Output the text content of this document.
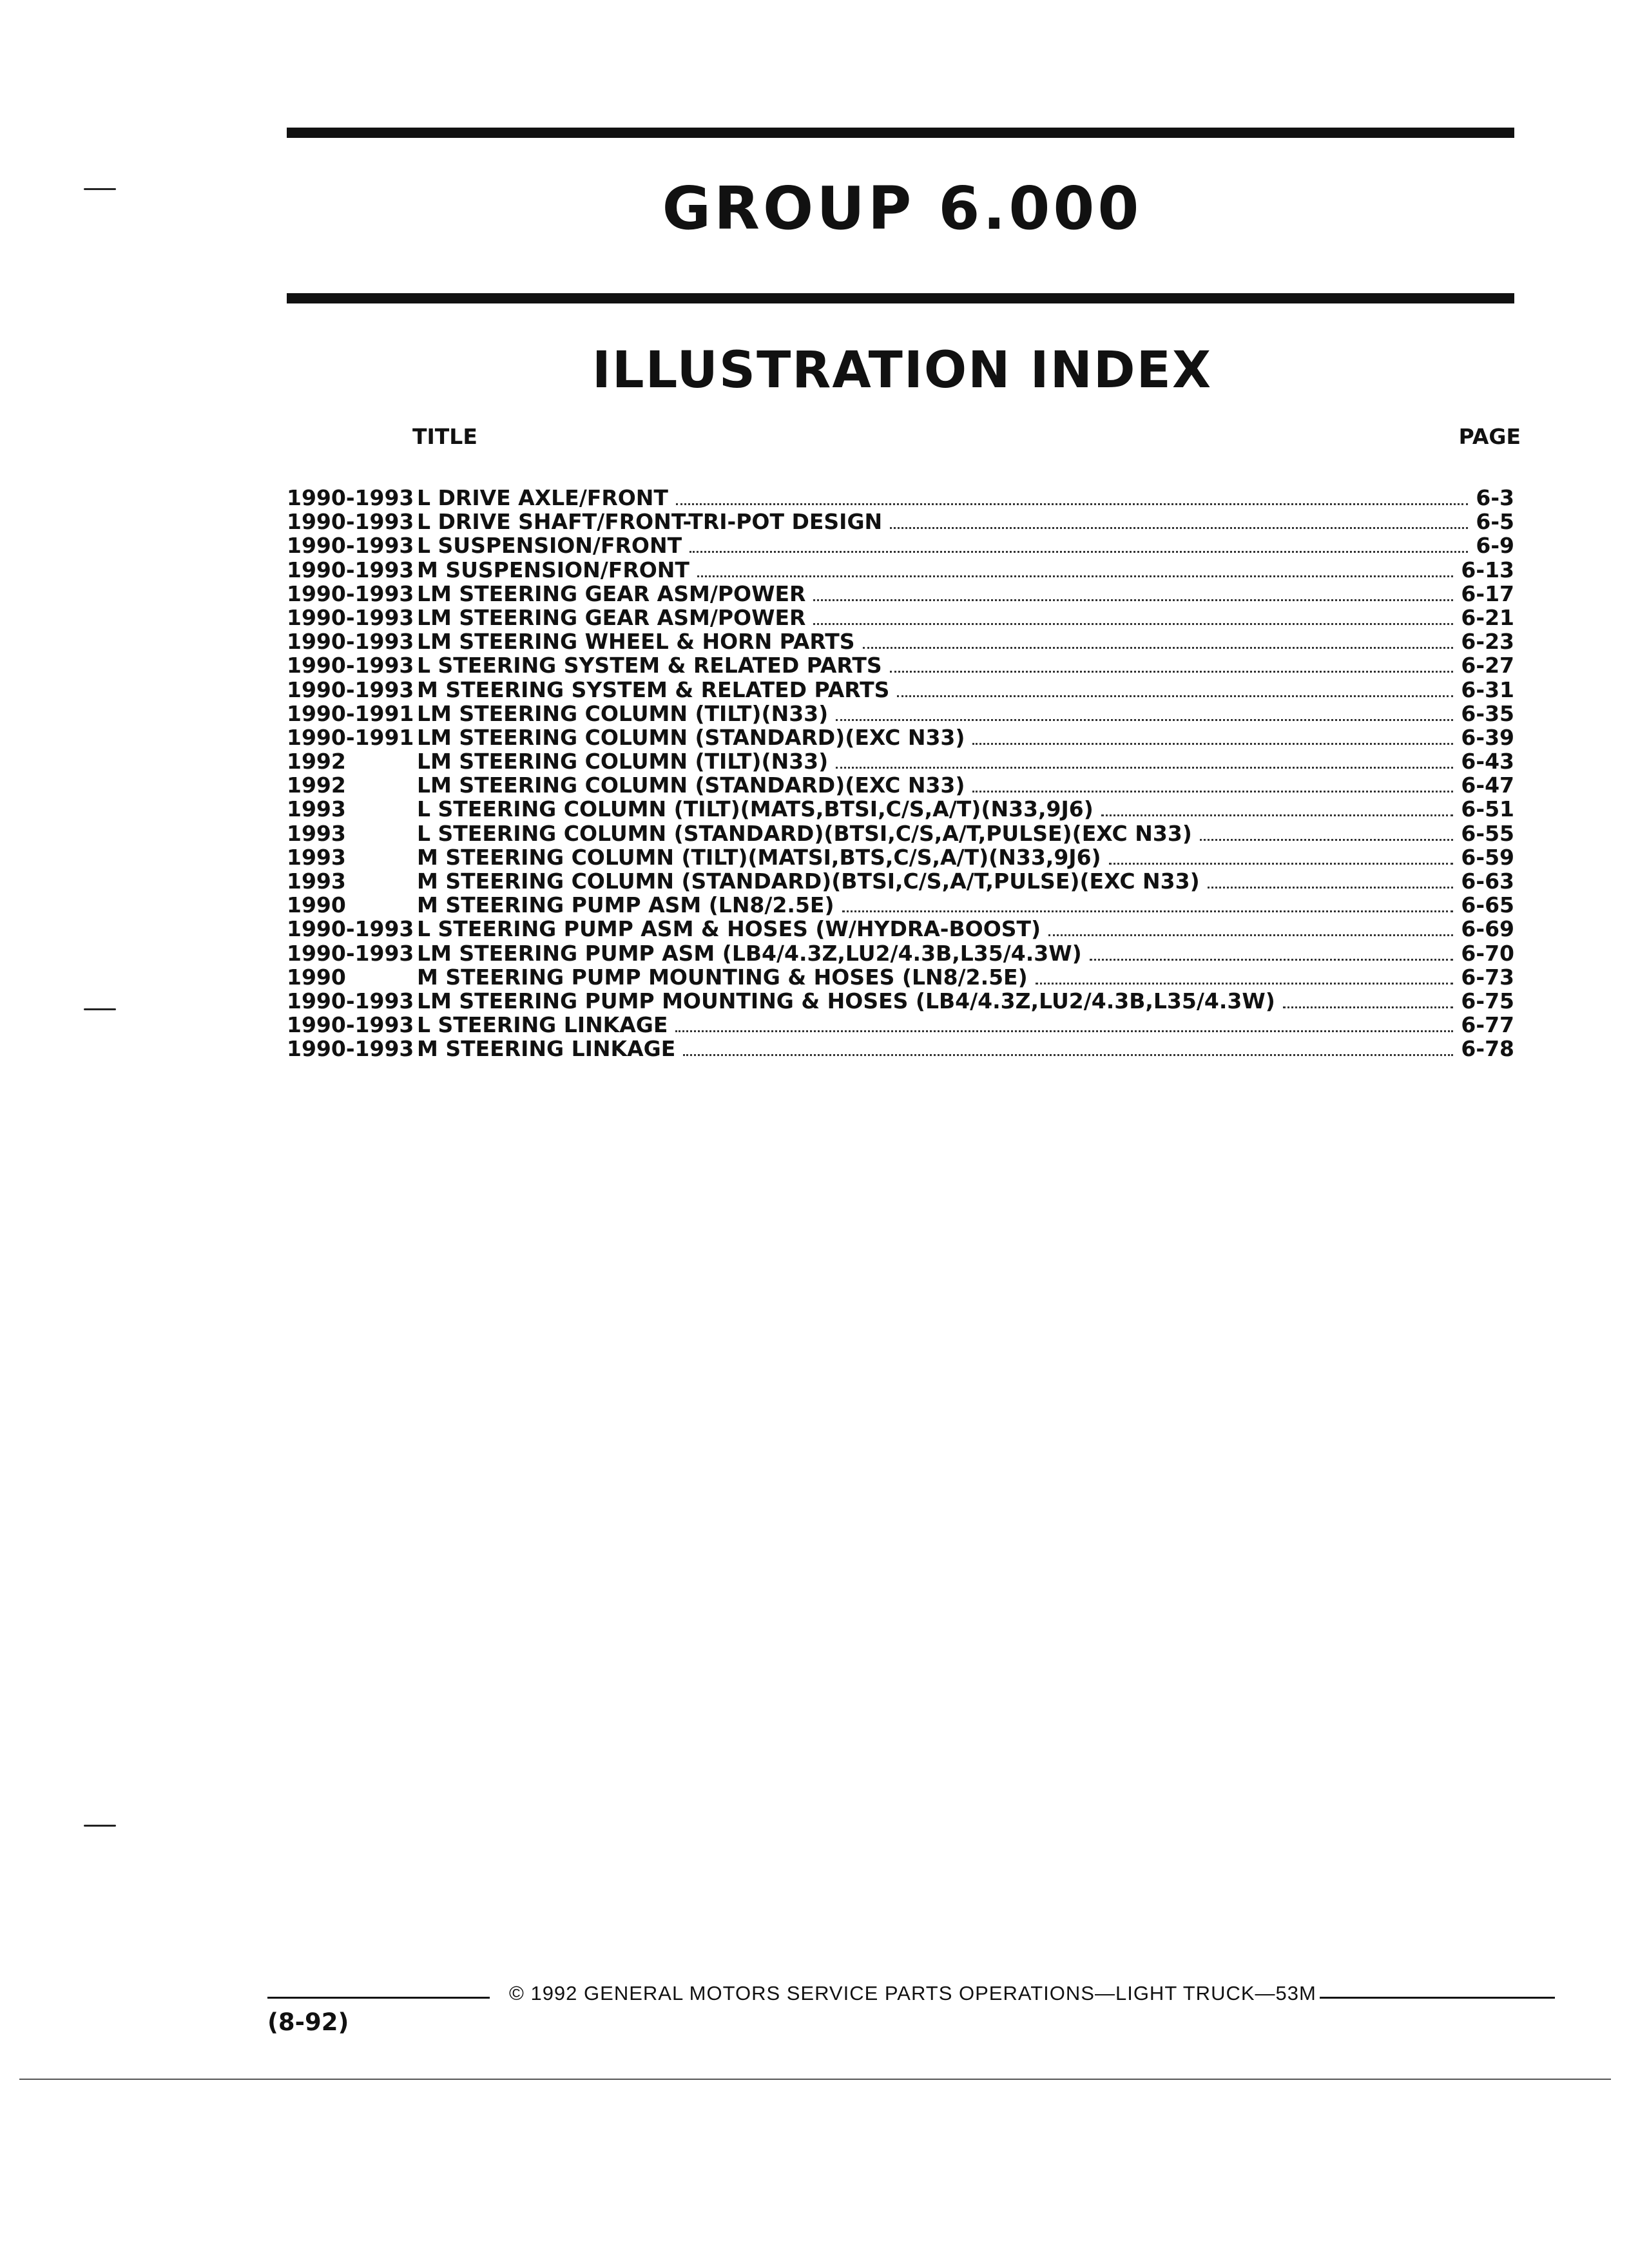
GROUP 6.000
ILLUSTRATION INDEX
TITLE	PAGE
1990-1993 L DRIVE AXLE/FRONT	6-3
1990-1993 L DRIVE SHAFT/FRONT-TRI-POT DESIGN	6-5
1990-1993 L SUSPENSION/FRONT	6-9
1990-1993 M SUSPENSION/FRONT	6-13
1990-1993 LM STEERING GEAR ASM/POWER	6-17
1990-1993 LM STEERING GEAR ASM/POWER	6-21
1990-1993 LM STEERING WHEEL & HORN PARTS	6-23
1990-1993 L STEERING SYSTEM & RELATED PARTS	6-27
1990-1993 M STEERING SYSTEM & RELATED PARTS	6-31
1990-1991 LM STEERING COLUMN (TILT)(N33)	6-35
1990-1991 LM STEERING COLUMN (STANDARD)(EXC N33)	6-39
1992	LM STEERING COLUMN (TILT)(N33)	6-43
1992	LM STEERING COLUMN (STANDARD)(EXC N33)	6-47
1993	L STEERING COLUMN (TILT)(MATS,BTSI,C/S,A/T)(N33,9J6)	6-51
1993	L STEERING COLUMN (STANDARD)(BTSI,C/S,A/T,PULSE)(EXC N33)	6-55
1993	M STEERING COLUMN (TILT)(MATSI,BTS,C/S,A/T)(N33,9J6)	6-59
1993	M STEERING COLUMN (STANDARD)(BTSI,C/S,A/T,PULSE)(EXC N33)	6-63
1990	M STEERING PUMP ASM (LN8/2.5E)	6-65
1990-1993 L STEERING PUMP ASM & HOSES (W/HYDRA-BOOST)	6-69
1990-1993 LM STEERING PUMP ASM (LB4/4.3Z,LU2/4.3B,L35/4.3W)	6-70
1990	M STEERING PUMP MOUNTING & HOSES (LN8/2.5E)	6-73
1990-1993 LM STEERING PUMP MOUNTING & HOSES (LB4/4.3Z,LU2/4.3B,L35/4.3W)	6-75
1990-1993 L STEERING LINKAGE	6-77
1990-1993 M STEERING LINKAGE	6-78
© 1992 GENERAL MOTORS SERVICE PARTS OPERATIONS—LIGHT TRUCK—53M
(8-92)
